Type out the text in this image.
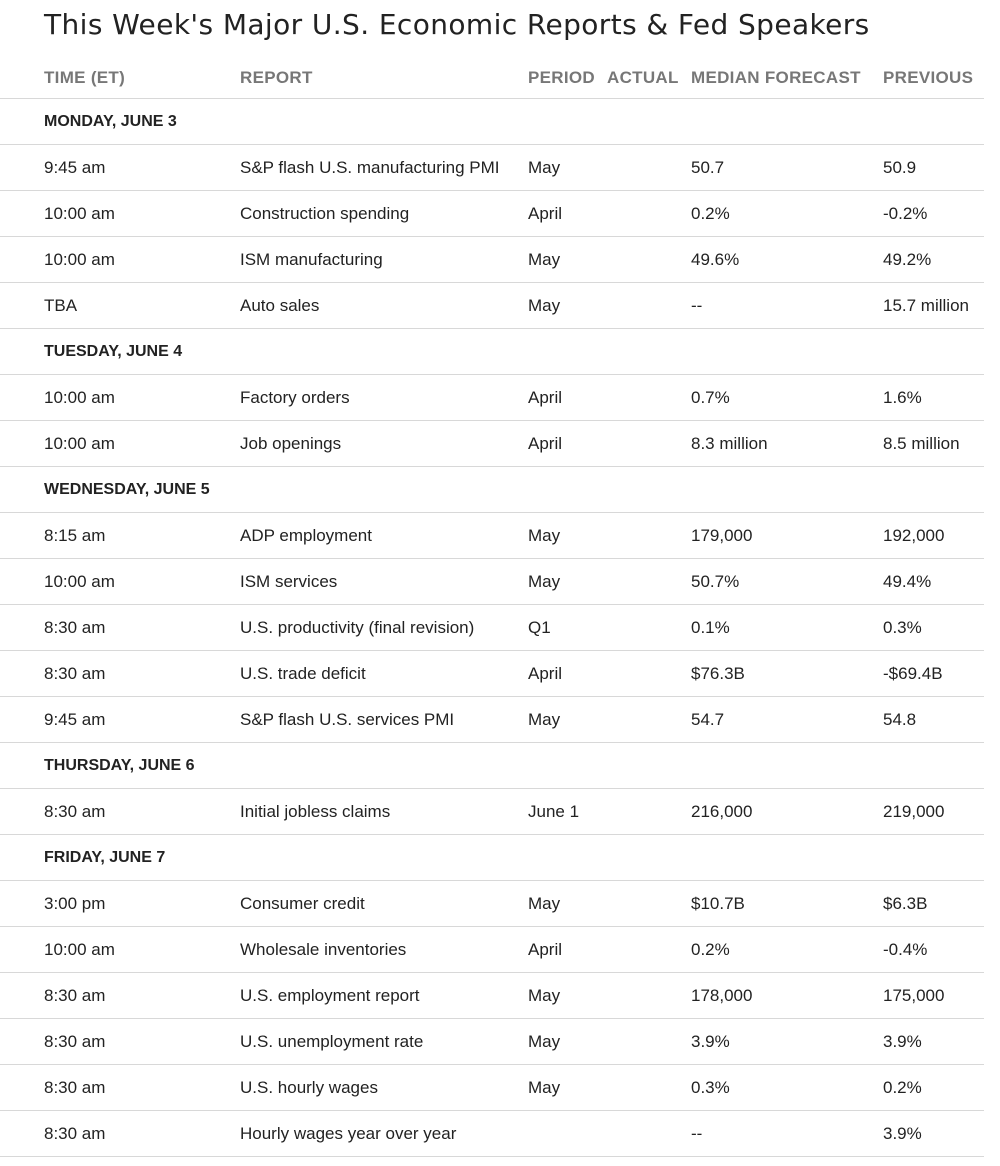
This Week's Major U.S. Economic Reports & Fed Speakers
TIME (ET)	REPORT	PERIOD	ACTUAL	MEDIAN FORECAST	PREVIOUS
MONDAY, JUNE 3					
9:45 am	S&P flash U.S. manufacturing PMI	May		50.7	50.9
10:00 am	Construction spending	April		0.2%	-0.2%
10:00 am	ISM manufacturing	May		49.6%	49.2%
TBA	Auto sales	May		--	15.7 million
TUESDAY, JUNE 4					
10:00 am	Factory orders	April		0.7%	1.6%
10:00 am	Job openings	April		8.3 million	8.5 million
WEDNESDAY, JUNE 5					
8:15 am	ADP employment	May		179,000	192,000
10:00 am	ISM services	May		50.7%	49.4%
8:30 am	U.S. productivity (final revision)	Q1		0.1%	0.3%
8:30 am	U.S. trade deficit	April		$76.3B	-$69.4B
9:45 am	S&P flash U.S. services PMI	May		54.7	54.8
THURSDAY, JUNE 6					
8:30 am	Initial jobless claims	June 1		216,000	219,000
FRIDAY, JUNE 7					
3:00 pm	Consumer credit	May		$10.7B	$6.3B
10:00 am	Wholesale inventories	April		0.2%	-0.4%
8:30 am	U.S. employment report	May		178,000	175,000
8:30 am	U.S. unemployment rate	May		3.9%	3.9%
8:30 am	U.S. hourly wages	May		0.3%	0.2%
8:30 am	Hourly wages year over year			--	3.9%
